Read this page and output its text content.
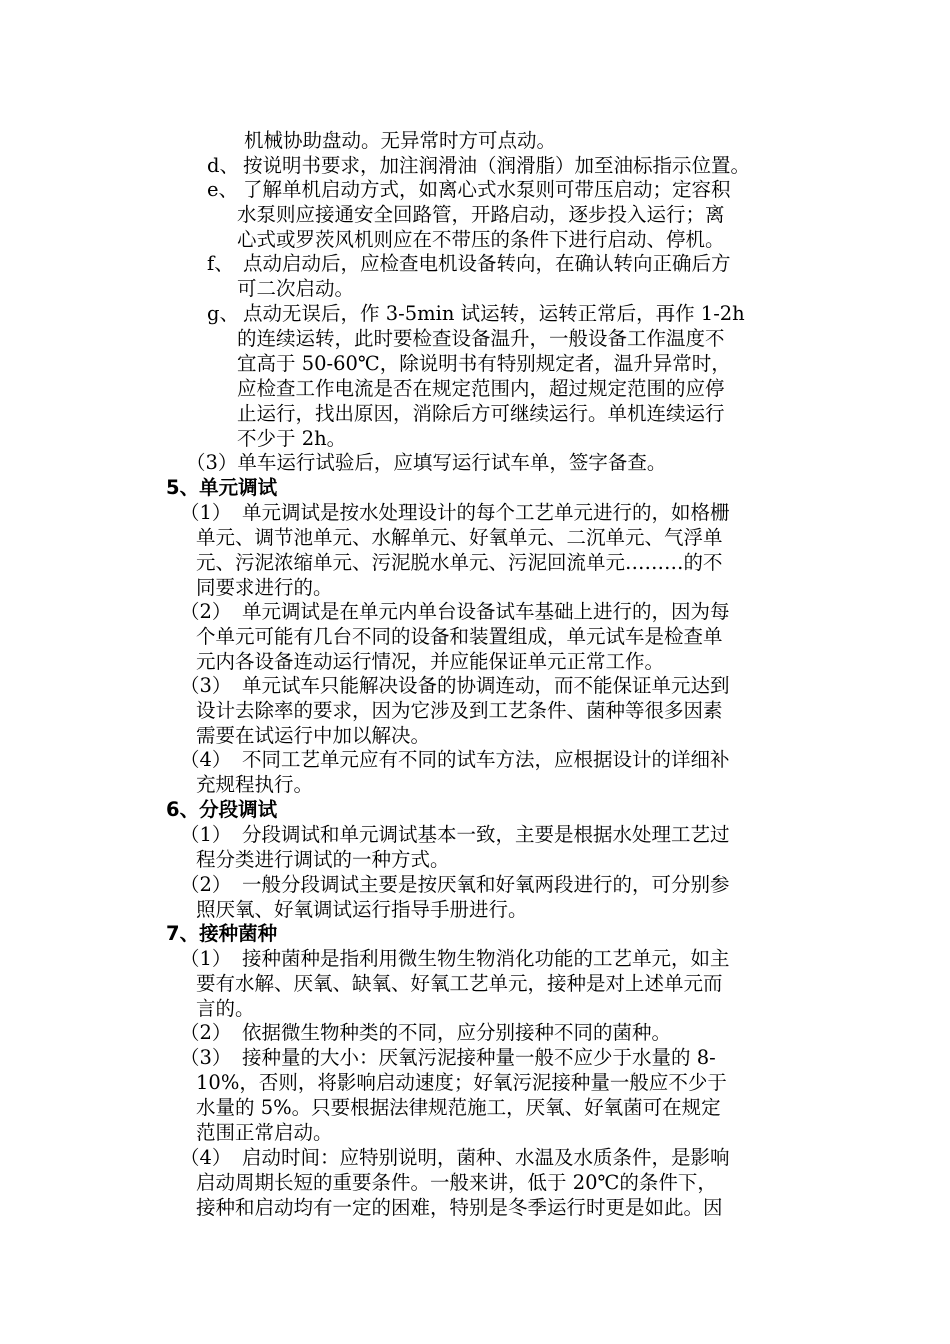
机械协助盘动。无异常时方可点动。
d、 按说明书要求，加注润滑油（润滑脂）加至油标指示位置。
e、 了解单机启动方式，如离心式水泵则可带压启动；定容积
水泵则应接通安全回路管，开路启动，逐步投入运行；离
心式或罗茨风机则应在不带压的条件下进行启动、停机。
f、 点动启动后，应检查电机设备转向，在确认转向正确后方
可二次启动。
g、 点动无误后，作 3-5min 试运转，运转正常后，再作 1-2h
的连续运转，此时要检查设备温升，一般设备工作温度不
宜高于 50-60℃，除说明书有特别规定者，温升异常时，
应检查工作电流是否在规定范围内，超过规定范围的应停
止运行，找出原因，消除后方可继续运行。单机连续运行
不少于 2h。
（3）单车运行试验后，应填写运行试车单，签字备查。
5、单元调试
（1） 单元调试是按水处理设计的每个工艺单元进行的，如格栅
单元、调节池单元、水解单元、好氧单元、二沉单元、气浮单
元、污泥浓缩单元、污泥脱水单元、污泥回流单元………的不
同要求进行的。
（2） 单元调试是在单元内单台设备试车基础上进行的，因为每
个单元可能有几台不同的设备和装置组成，单元试车是检查单
元内各设备连动运行情况，并应能保证单元正常工作。
（3） 单元试车只能解决设备的协调连动，而不能保证单元达到
设计去除率的要求，因为它涉及到工艺条件、菌种等很多因素
需要在试运行中加以解决。
（4） 不同工艺单元应有不同的试车方法，应根据设计的详细补
充规程执行。
6、分段调试
（1） 分段调试和单元调试基本一致，主要是根据水处理工艺过
程分类进行调试的一种方式。
（2） 一般分段调试主要是按厌氧和好氧两段进行的，可分别参
照厌氧、好氧调试运行指导手册进行。
7、接种菌种
（1） 接种菌种是指利用微生物生物消化功能的工艺单元，如主
要有水解、厌氧、缺氧、好氧工艺单元，接种是对上述单元而
言的。
（2） 依据微生物种类的不同，应分别接种不同的菌种。
（3） 接种量的大小：厌氧污泥接种量一般不应少于水量的 8-
10%，否则，将影响启动速度；好氧污泥接种量一般应不少于
水量的 5%。只要根据法律规范施工，厌氧、好氧菌可在规定
范围正常启动。
（4） 启动时间：应特别说明，菌种、水温及水质条件，是影响
启动周期长短的重要条件。一般来讲，低于 20℃的条件下，
接种和启动均有一定的困难，特别是冬季运行时更是如此。因
